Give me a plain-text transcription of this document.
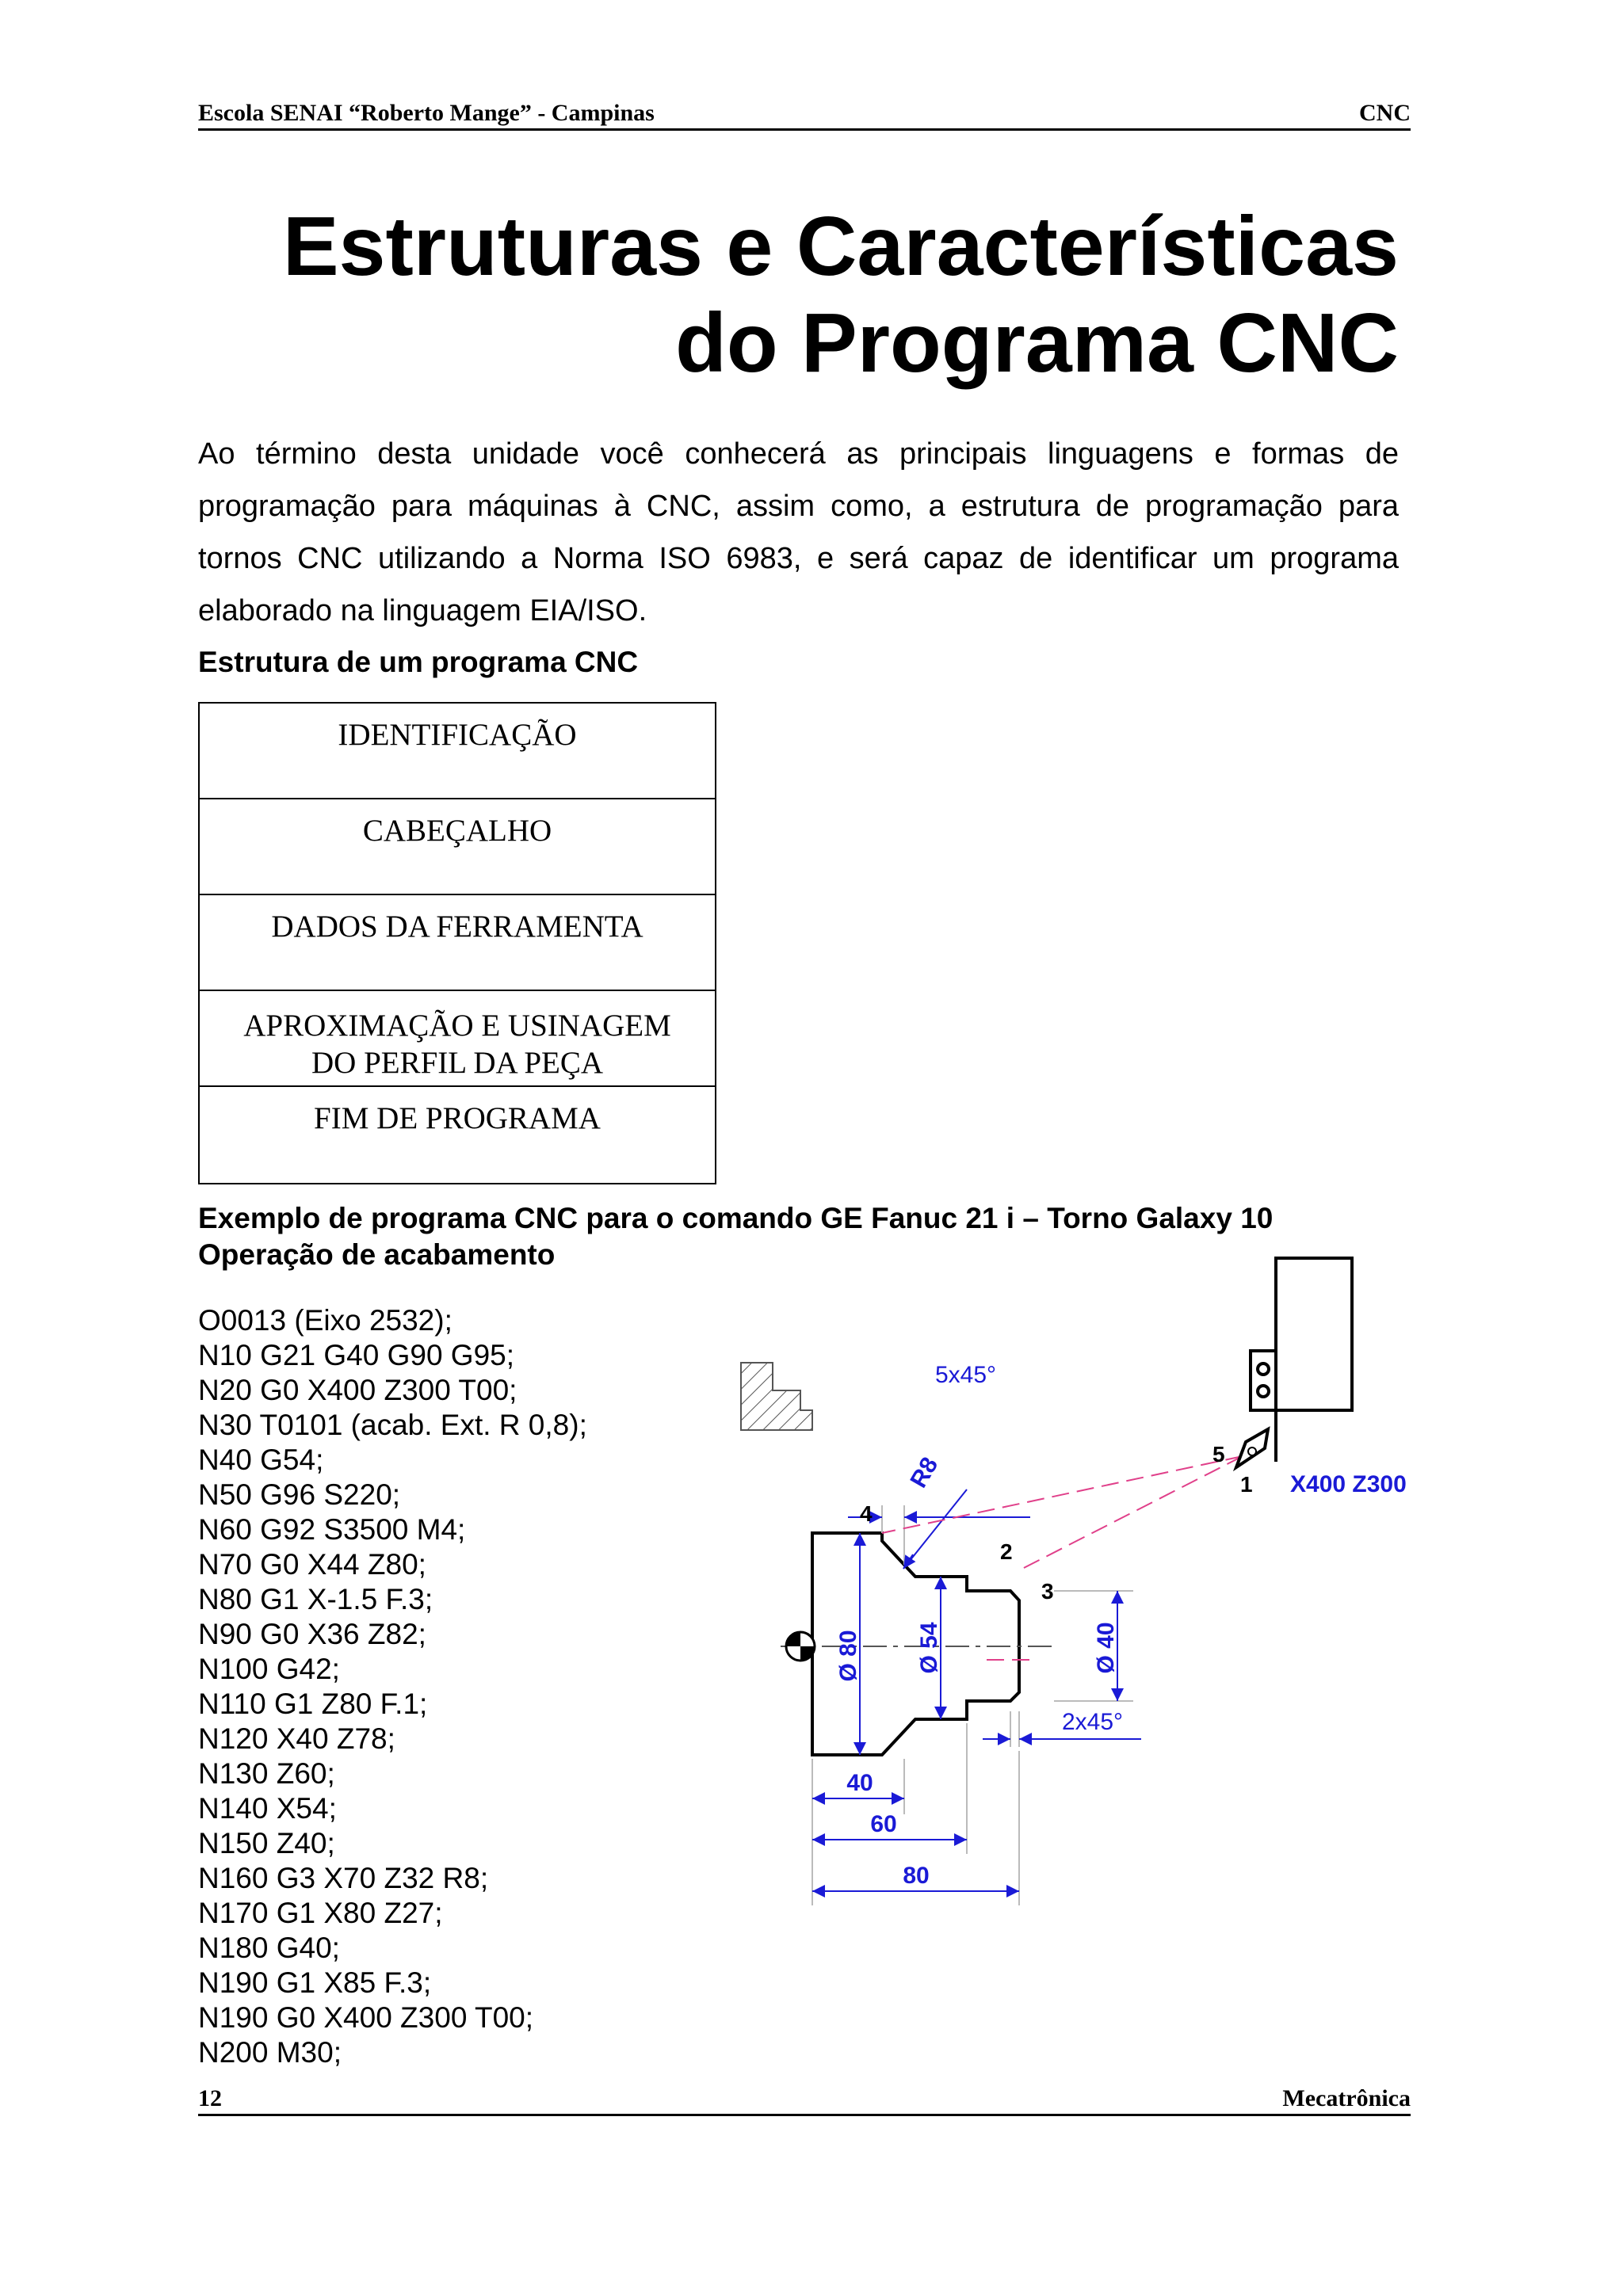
Escola SENAI “Roberto Mange” - Campinas	CNC
Estruturas e Características
do Programa CNC

Ao término desta unidade você conhecerá as principais linguagens e formas de programação para máquinas à CNC, assim como, a estrutura de programação para tornos CNC utilizando a Norma ISO 6983, e será capaz de identificar um programa elaborado na linguagem EIA/ISO.

Estrutura de um programa CNC
IDENTIFICAÇÃO
CABEÇALHO
DADOS DA FERRAMENTA
APROXIMAÇÃO E USINAGEM
DO PERFIL DA PEÇA
FIM DE PROGRAMA
Exemplo de programa CNC para o comando GE Fanuc 21 i – Torno Galaxy 10
Operação de acabamento
O0013 (Eixo 2532);
N10 G21 G40 G90 G95;
N20 G0 X400 Z300 T00;
N30 T0101 (acab. Ext. R 0,8);
N40 G54;
N50 G96 S220;
N60 G92 S3500 M4;
N70 G0 X44 Z80;
N80 G1 X-1.5 F.3;
N90 G0 X36 Z82;
N100 G42;
N110 G1 Z80 F.1;
N120 X40 Z78;
N130 Z60;
N140 X54;
N150 Z40;
N160 G3 X70 Z32 R8;
N170 G1 X80 Z27;
N180 G40;
N190 G1 X85 F.3;
N190 G0 X400 Z300 T00;
N200 M30;
5x45°
2x45°
R8
Ø 80 Ø 54	Ø 40
40
60
80
X400 Z300
1
2
3
4
5
12	Mecatrônica
